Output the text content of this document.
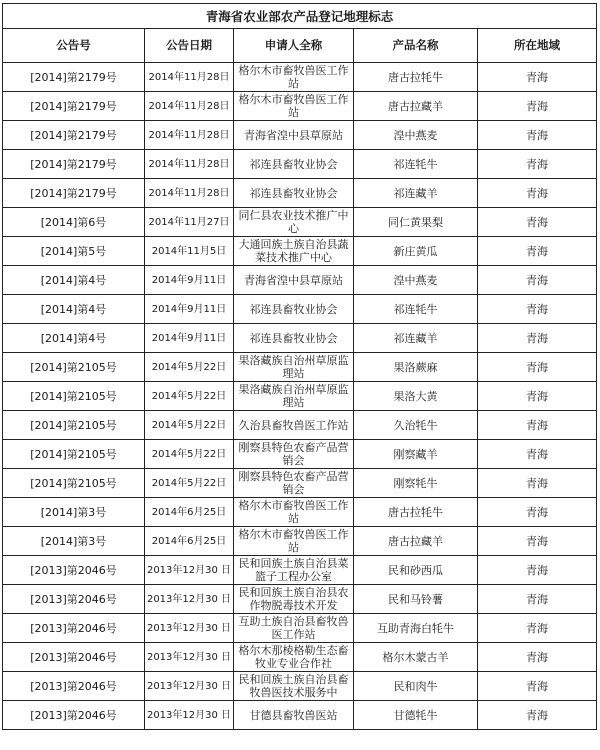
青海省农业部农产品登记地理标志				
公告号	公告日期	申请人全称	产品名称	所在地域
[2014]第2179号	2014年11月28日	格尔木市畜牧兽医工作站	唐古拉牦牛	青海
[2014]第2179号	2014年11月28日	格尔木市畜牧兽医工作站	唐古拉藏羊	青海
[2014]第2179号	2014年11月28日	青海省湟中县草原站	湟中燕麦	青海
[2014]第2179号	2014年11月28日	祁连县畜牧业协会	祁连牦牛	青海
[2014]第2179号	2014年11月28日	祁连县畜牧业协会	祁连藏羊	青海
[2014]第6号	2014年11月27日	同仁县农业技术推广中心	同仁黄果梨	青海
[2014]第5号	2014年11月5日	大通回族土族自治县蔬菜技术推广中心	新庄黄瓜	青海
[2014]第4号	2014年9月11日	青海省湟中县草原站	湟中燕麦	青海
[2014]第4号	2014年9月11日	祁连县畜牧业协会	祁连牦牛	青海
[2014]第4号	2014年9月11日	祁连县畜牧业协会	祁连藏羊	青海
[2014]第2105号	2014年5月22日	果洛藏族自治州草原监理站	果洛蕨麻	青海
[2014]第2105号	2014年5月22日	果洛藏族自治州草原监理站	果洛大黄	青海
[2014]第2105号	2014年5月22日	久治县畜牧兽医工作站	久治牦牛	青海
[2014]第2105号	2014年5月22日	刚察县特色农畜产品营销会	刚察藏羊	青海
[2014]第2105号	2014年5月22日	刚察县特色农畜产品营销会	刚察牦牛	青海
[2014]第3号	2014年6月25日	格尔木市畜牧兽医工作站	唐古拉牦牛	青海
[2014]第3号	2014年6月25日	格尔木市畜牧兽医工作站	唐古拉藏羊	青海
[2013]第2046号	2013年12月30 日	民和回族土族自治县菜篮子工程办公室	民和砂西瓜	青海
[2013]第2046号	2013年12月30 日	民和回族土族自治县农作物脱毒技术开发	民和马铃薯	青海
[2013]第2046号	2013年12月30 日	互助土族自治县畜牧兽医工作站	互助青海白牦牛	青海
[2013]第2046号	2013年12月30 日	格尔木那棱格勒生态畜牧业专业合作社	格尔木蒙古羊	青海
[2013]第2046号	2013年12月30 日	民和回族土族自治县畜牧兽医技术服务中	民和肉牛	青海
[2013]第2046号	2013年12月30 日	甘德县畜牧兽医站	甘德牦牛	青海
